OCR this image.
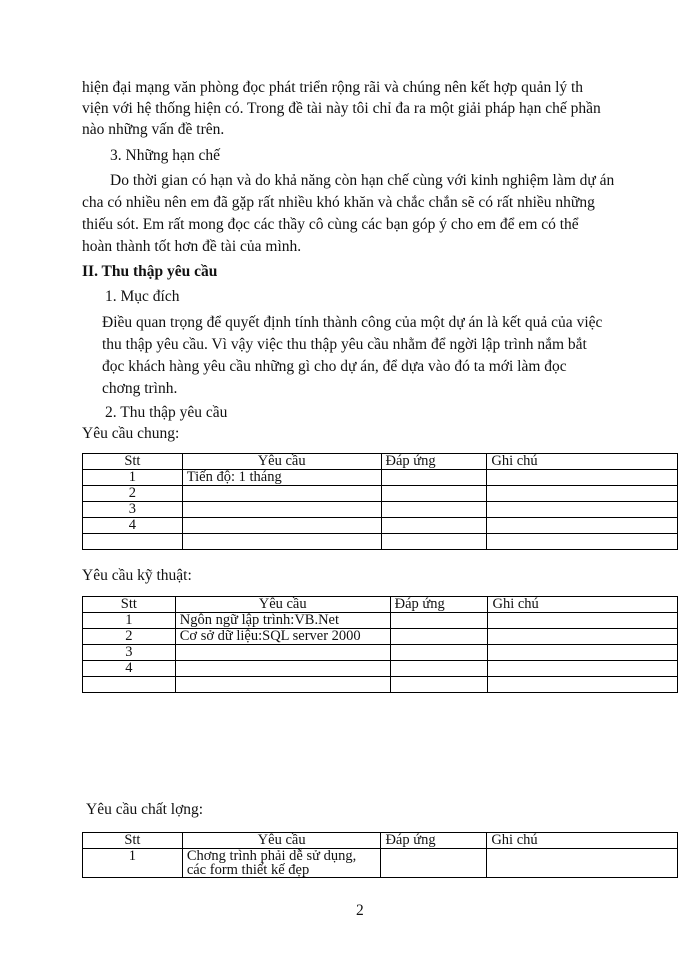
hiện đại mạng văn phòng đọc phát triển rộng rãi và chúng nên kết hợp quản lý th
viện với hệ thống hiện có. Trong đề tài này tôi chỉ đa ra một giải pháp hạn chế phần
nào những vấn đề trên.
3. Những hạn chế
Do thời gian có hạn và do khả năng còn hạn chế cùng với kinh nghiệm làm dự án
cha có nhiều nên em đã gặp rất nhiều khó khăn và chắc chắn sẽ có rất nhiều những
thiếu sót. Em rất mong đọc các thầy cô cùng các bạn góp ý cho em để em có thể
hoàn thành tốt hơn đề tài của mình.
II. Thu thập yêu cầu
1. Mục đích
Điều quan trọng để quyết định tính thành công của một dự án là kết quả của việc
thu thập yêu cầu. Vì vậy việc thu thập yêu cầu nhằm để ngời lập trình nắm bắt
đọc khách hàng yêu cầu những gì cho dự án, để dựa vào đó ta mới làm đọc
chơng trình.
2. Thu thập yêu cầu
Yêu cầu chung:
Stt	Yêu cầu	Đáp ứng	Ghi chú
1	Tiến độ: 1 tháng		
2			
3			
4			

Yêu cầu kỹ thuật:
Stt	Yêu cầu	Đáp ứng	Ghi chú
1	Ngôn ngữ lập trình:VB.Net		
2	Cơ sở dữ liệu:SQL server 2000		
3			
4			

Yêu cầu chất lợng:
Stt	Yêu cầu	Đáp ứng	Ghi chú
1	Chơng trình phải dễ sử dụng, các form thiết kế đẹp		
2
